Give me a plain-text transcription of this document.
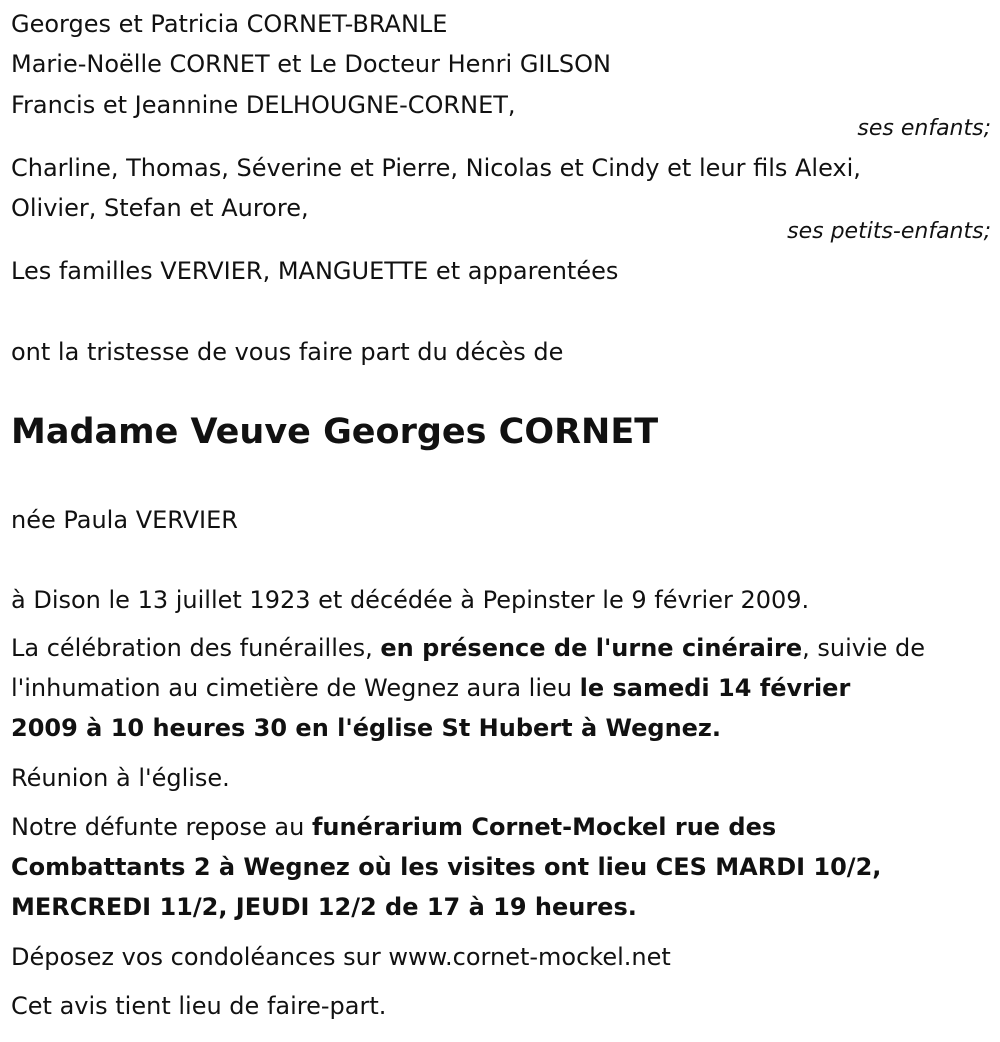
Georges et Patricia CORNET-BRANLE
Marie-Noëlle CORNET et Le Docteur Henri GILSON
Francis et Jeannine DELHOUGNE-CORNET,
ses enfants;
Charline, Thomas, Séverine et Pierre, Nicolas et Cindy et leur fils Alexi,
Olivier, Stefan et Aurore,
ses petits-enfants;
Les familles VERVIER, MANGUETTE et apparentées
ont la tristesse de vous faire part du décès de
Madame Veuve Georges CORNET
née Paula VERVIER
à Dison le 13 juillet 1923 et décédée à Pepinster le 9 février 2009.
La célébration des funérailles, en présence de l'urne cinéraire, suivie de
l'inhumation au cimetière de Wegnez aura lieu le samedi 14 février
2009 à 10 heures 30 en l'église St Hubert à Wegnez.
Réunion à l'église.
Notre défunte repose au funérarium Cornet-Mockel rue des
Combattants 2 à Wegnez où les visites ont lieu CES MARDI 10/2,
MERCREDI 11/2, JEUDI 12/2 de 17 à 19 heures.
Déposez vos condoléances sur www.cornet-mockel.net
Cet avis tient lieu de faire-part.
